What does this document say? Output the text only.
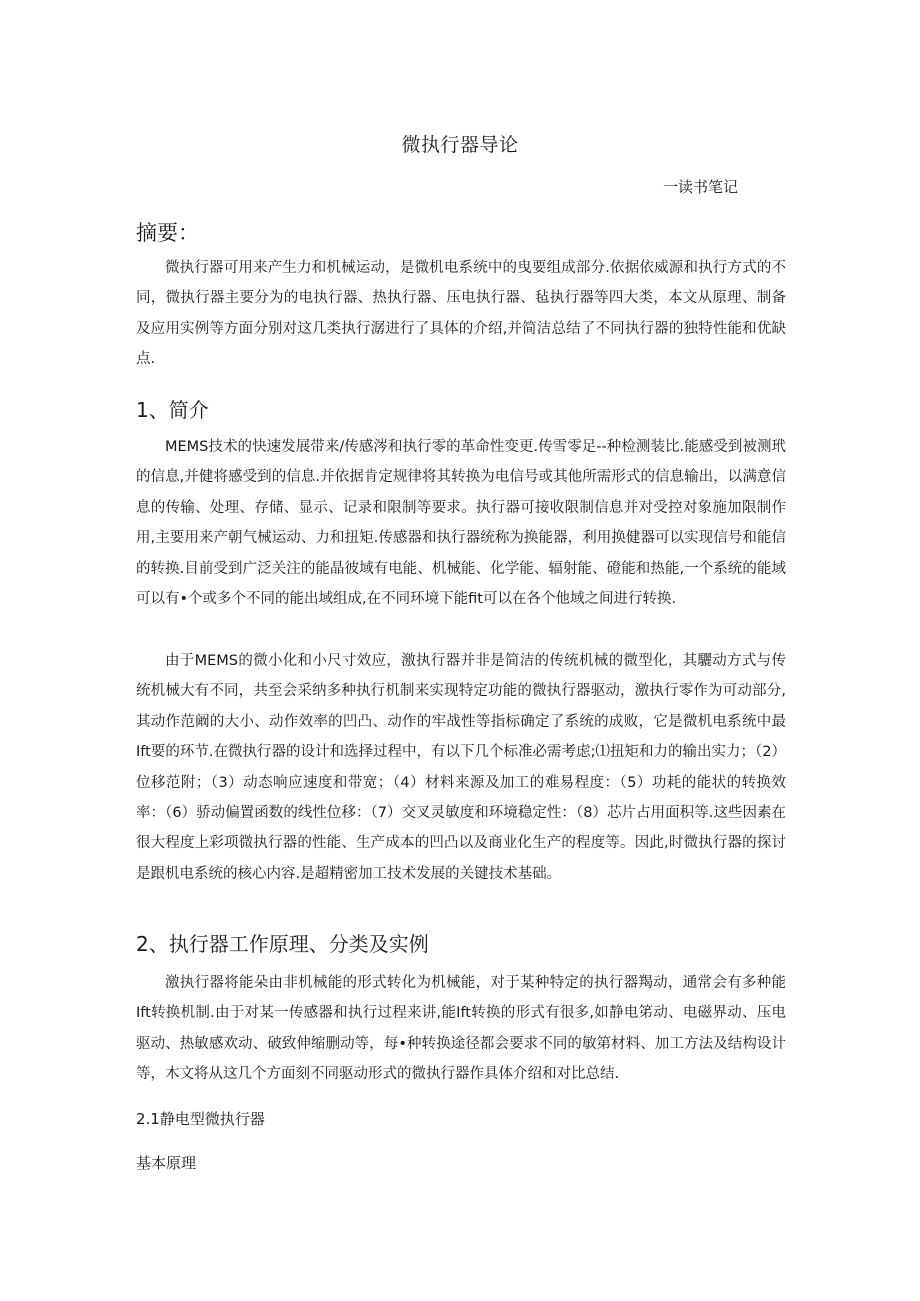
微执行器导论
一读书笔记
摘要：

微执行器可用来产生力和机械运动，是微机电系统中的曳要组成部分.依据依威源和执行方式的不同，微执行器主要分为的电执行器、热执行器、压电执行器、毡执行器等四大类，本文从原理、制备及应用实例等方面分别对这几类执行潺进行了具体的介绍,并简洁总结了不同执行器的独特性能和优缺点.

1、简介

MEMS技术的快速发展带来/传感涔和执行零的革命性变更.传雪零足--种检测装比.能感受到被测玳的信息,并健将感受到的信息.并依据肯定规律将其转换为电信号或其他所需形式的信息输出，以满意信息的传输、处理、存储、显示、记录和限制等要求。执行器可接收限制信息并对受控对象施加限制作用,主要用来产朝气械运动、力和扭矩.传感器和执行器统称为换能器，利用换健器可以实现信号和能信的转换.目前受到广泛关注的能晶彼域有电能、机械能、化学能、辐射能、磴能和热能,一个系统的能域可以有•个或多个不同的能出域组成,在不同环境下能fit可以在各个他域之间进行转换.

由于MEMS的微小化和小尺寸效应，激执行器并非是简洁的传统机械的微型化，其驪动方式与传统机械大有不同，共至会采纳多种执行机制来实现特定功能的微执行器驱动，激执行零作为可动部分,其动作范阚的大小、动作效率的凹凸、动作的牢战性等指标确定了系统的成败，它是微机电系统中最Ift要的环节.在微执行器的设计和选择过程中，有以下几个标准必需考虑;⑴扭矩和力的输出实力；（2）位移范附；（3）动态响应速度和带宽；（4）材料来源及加工的难易程度：（5）功耗的能状的转换效率：（6）骄动偏置函数的线性位移：（7）交叉灵敏度和环境稳定性：（8）芯片占用面积等.这些因素在很大程度上彩项微执行器的性能、生产成本的凹凸以及商业化生产的程度等。因此,时微执行器的探讨是跟机电系统的核心内容.是超精密加工技术发展的关键技术基础。

2、执行器工作原理、分类及实例

激执行器将能朵由非机械能的形式转化为机械能，对于某种特定的执行器羯动，通常会有多种能Ift转换机制.由于对某一传感器和执行过程来讲,能Ift转换的形式有很多,如静电笫动、电磁界动、压电驱动、热敏感欢动、破致伸缩删动等，每•种转换途径都会要求不同的敏第材料、加工方法及结构设计等，木文将从这几个方面刻不同驱动形式的微执行器作具体介绍和对比总结.

2.1静电型微执行器
基本原理
